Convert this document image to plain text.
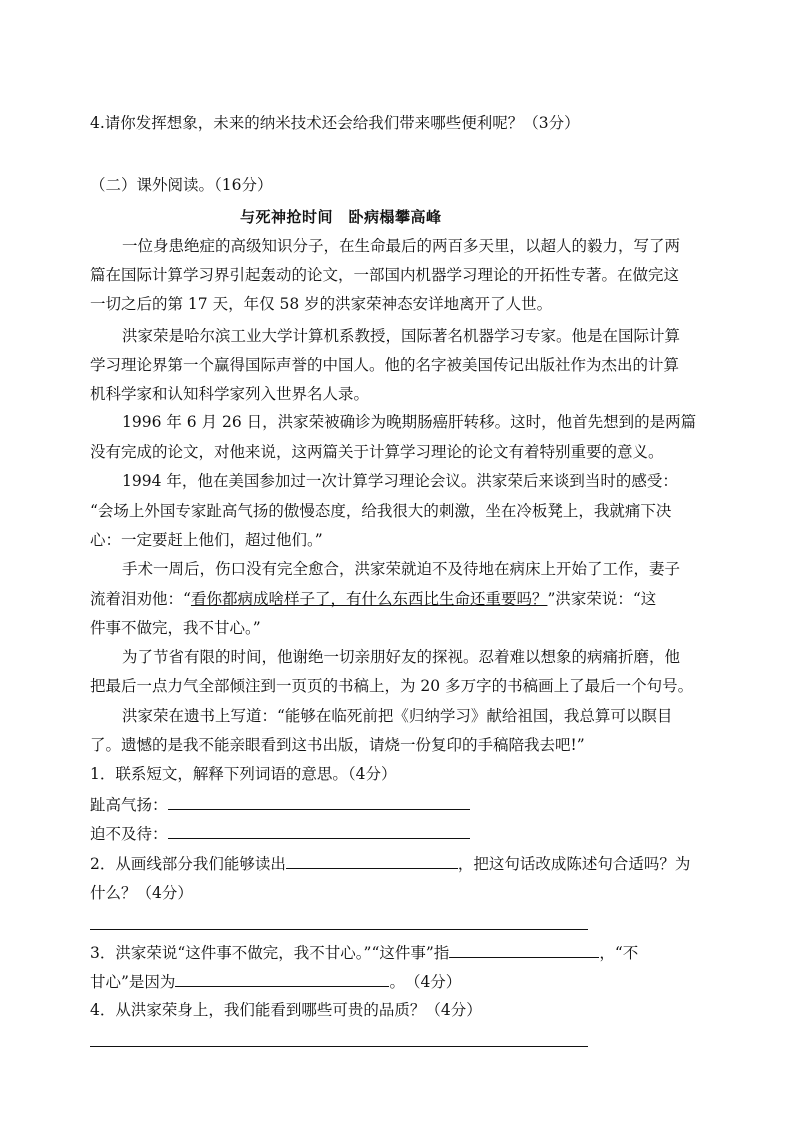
4.请你发挥想象，未来的纳米技术还会给我们带来哪些便利呢？（3分）
（二）课外阅读。（16分）
与死神抢时间　卧病榻攀高峰
一位身患绝症的高级知识分子，在生命最后的两百多天里，以超人的毅力，写了两
篇在国际计算学习界引起轰动的论文，一部国内机器学习理论的开拓性专著。在做完这
一切之后的第 17 天，年仅 58 岁的洪家荣神态安详地离开了人世。
洪家荣是哈尔滨工业大学计算机系教授，国际著名机器学习专家。他是在国际计算
学习理论界第一个赢得国际声誉的中国人。他的名字被美国传记出版社作为杰出的计算
机科学家和认知科学家列入世界名人录。
1996 年 6 月 26 日，洪家荣被确诊为晚期肠癌肝转移。这时，他首先想到的是两篇
没有完成的论文，对他来说，这两篇关于计算学习理论的论文有着特别重要的意义。
1994 年，他在美国参加过一次计算学习理论会议。洪家荣后来谈到当时的感受：
“会场上外国专家趾高气扬的傲慢态度，给我很大的刺激，坐在冷板凳上，我就痛下决
心：一定要赶上他们，超过他们。”
手术一周后，伤口没有完全愈合，洪家荣就迫不及待地在病床上开始了工作，妻子
流着泪劝他：“看你都病成啥样子了，有什么东西比生命还重要吗？”洪家荣说：“这
件事不做完，我不甘心。”
为了节省有限的时间，他谢绝一切亲朋好友的探视。忍着难以想象的病痛折磨，他
把最后一点力气全部倾注到一页页的书稿上，为 20 多万字的书稿画上了最后一个句号。
洪家荣在遗书上写道：“能够在临死前把《归纳学习》献给祖国，我总算可以瞑目
了。遗憾的是我不能亲眼看到这书出版，请烧一份复印的手稿陪我去吧!”
1．联系短文，解释下列词语的意思。（4分）
趾高气扬：
迫不及待：
2．从画线部分我们能够读出	，把这句话改成陈述句合适吗？为
什么？（4分）
3．洪家荣说“这件事不做完，我不甘心。”“这件事”指	，“不
甘心”是因为	。　（4分）
4．从洪家荣身上，我们能看到哪些可贵的品质？（4分）
